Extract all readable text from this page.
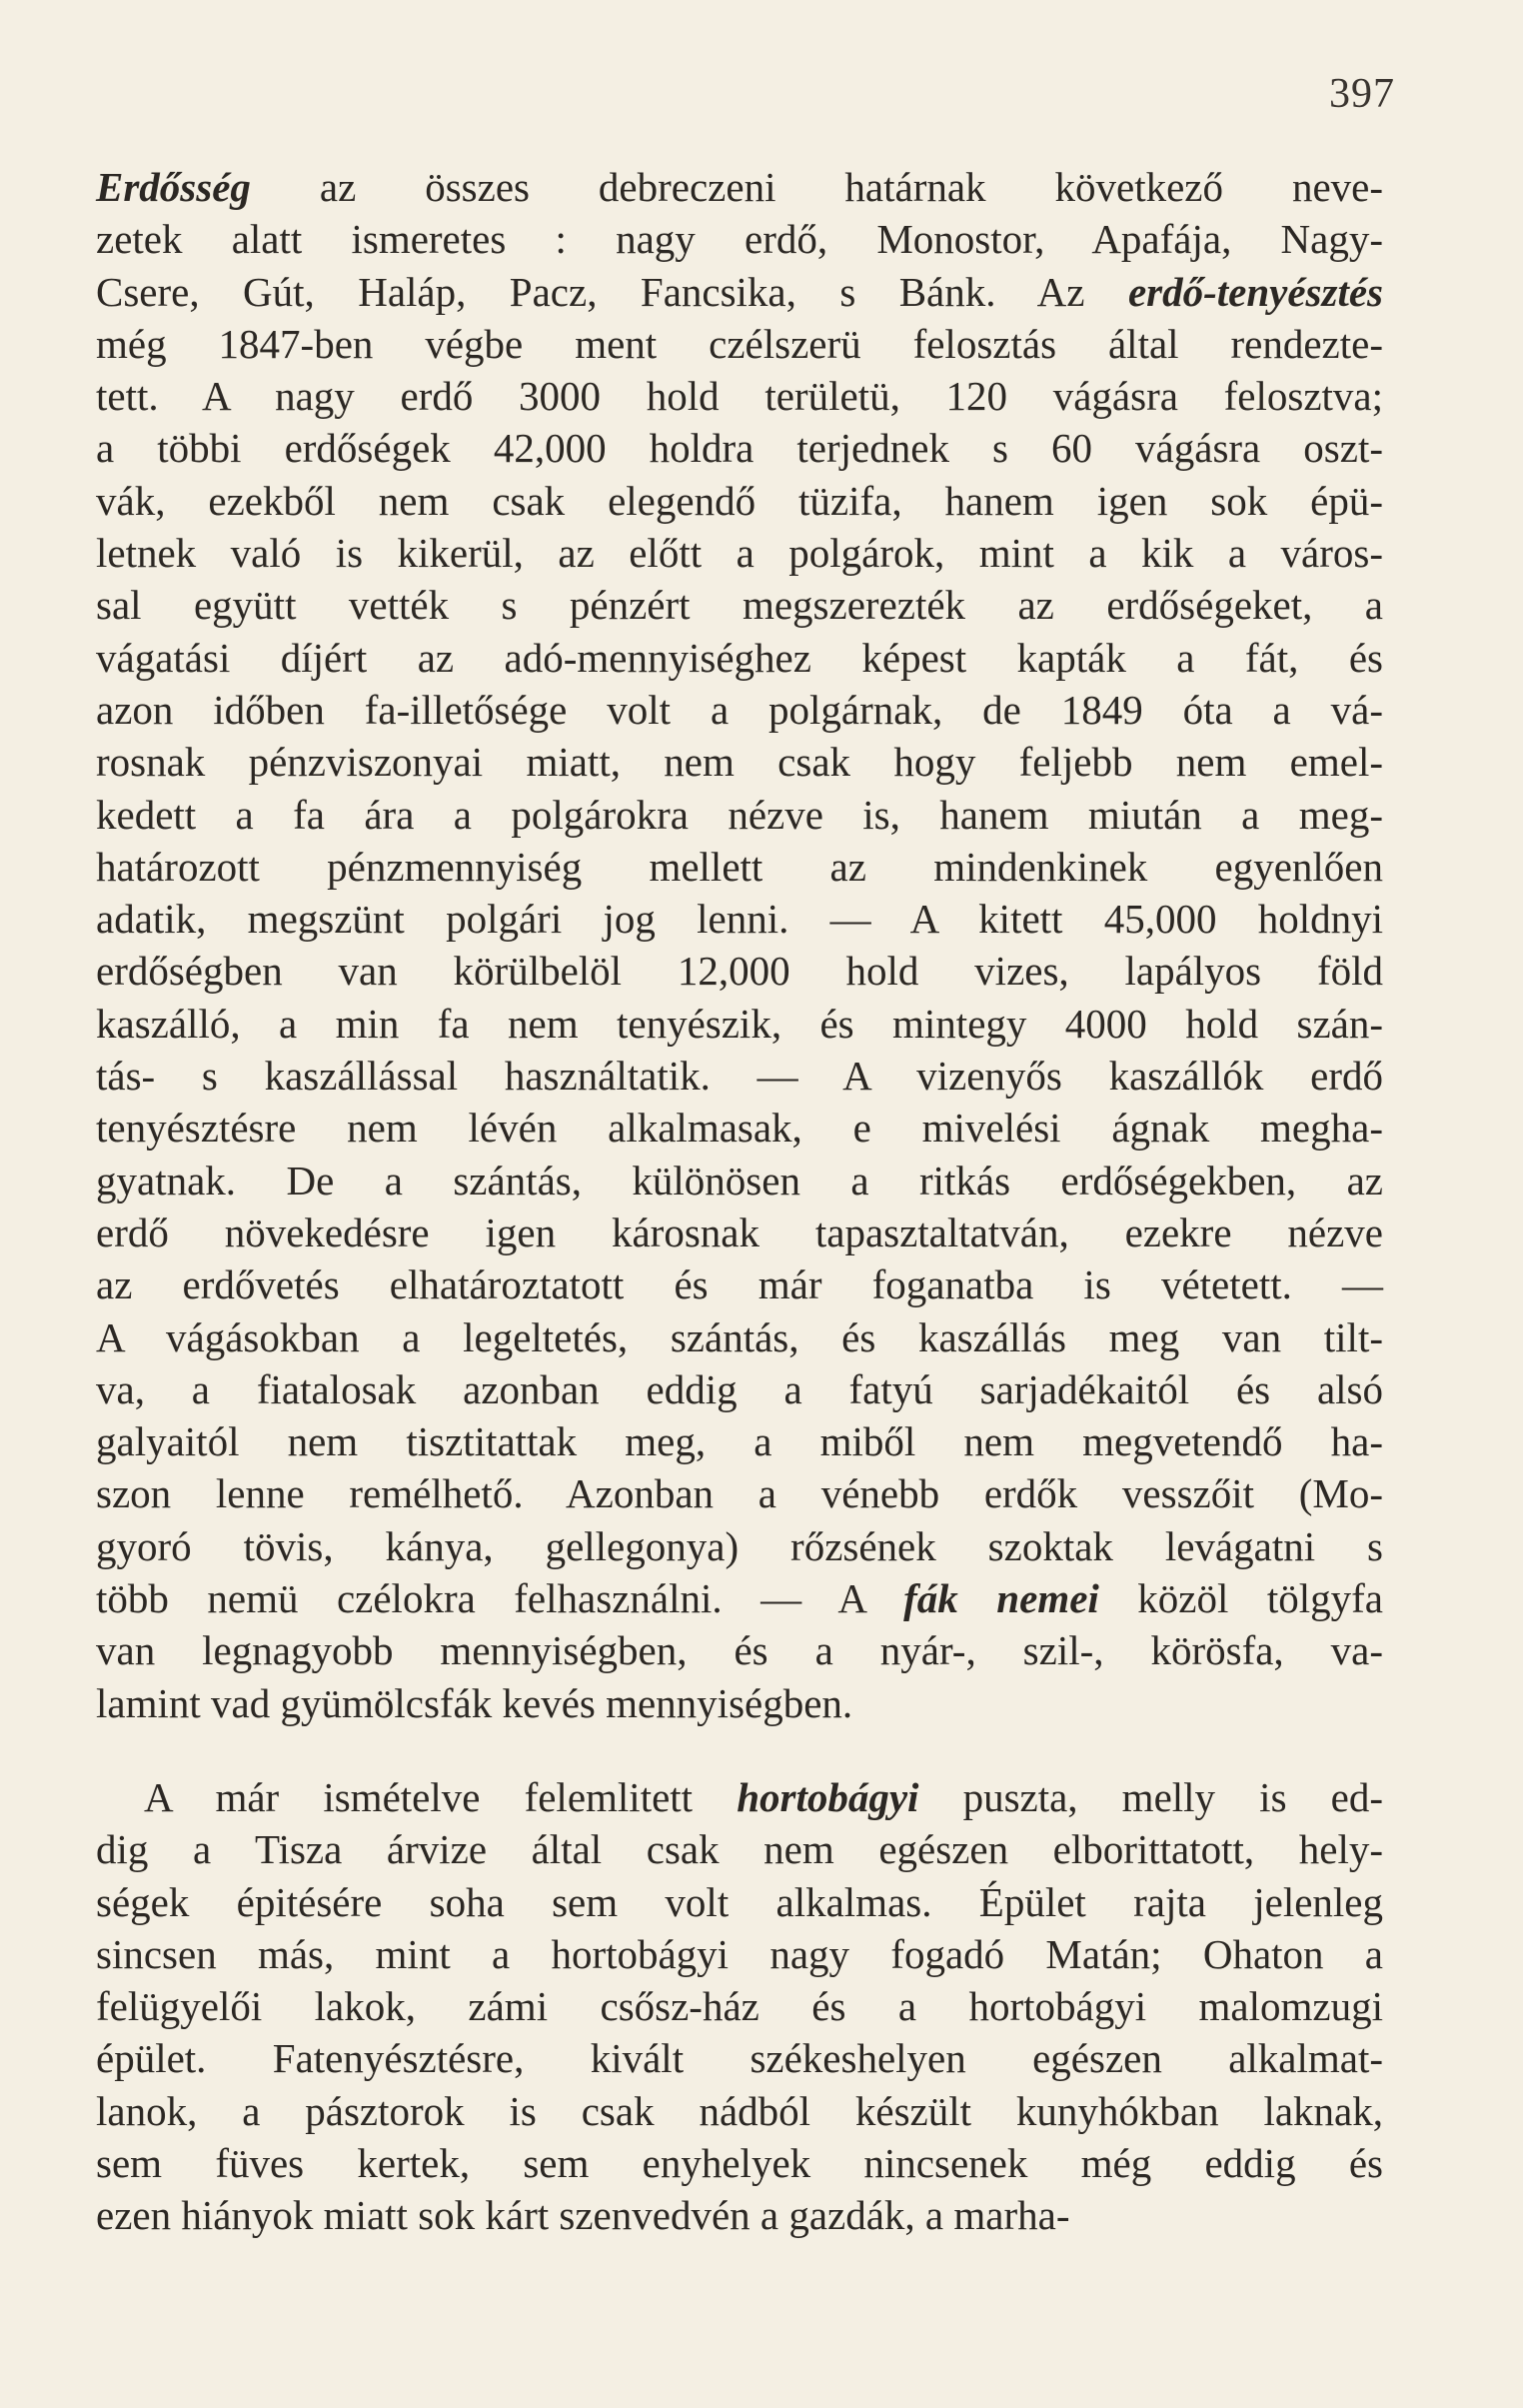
397
Erdősség az összes debreczeni határnak következő neve-
zetek alatt ismeretes : nagy erdő, Monostor, Apafája, Nagy-
Csere, Gút, Haláp, Pacz, Fancsika, s Bánk. Az erdő-tenyésztés
még 1847-ben végbe ment czélszerü felosztás által rendezte-
tett. A nagy erdő 3000 hold területü, 120 vágásra felosztva;
a többi erdőségek 42,000 holdra terjednek s 60 vágásra oszt-
vák, ezekből nem csak elegendő tüzifa, hanem igen sok épü-
letnek való is kikerül, az előtt a polgárok, mint a kik a város-
sal együtt vették s pénzért megszerezték az erdőségeket, a
vágatási díjért az adó-mennyiséghez képest kapták a fát, és
azon időben fa-illetősége volt a polgárnak, de 1849 óta a vá-
rosnak pénzviszonyai miatt, nem csak hogy feljebb nem emel-
kedett a fa ára a polgárokra nézve is, hanem miután a meg-
határozott pénzmennyiség mellett az mindenkinek egyenlően
adatik, megszünt polgári jog lenni. — A kitett 45,000 holdnyi
erdőségben van körülbelöl 12,000 hold vizes, lapályos föld
kaszálló, a min fa nem tenyészik, és mintegy 4000 hold szán-
tás- s kaszállással használtatik. — A vizenyős kaszállók erdő
tenyésztésre nem lévén alkalmasak, e mivelési ágnak megha-
gyatnak. De a szántás, különösen a ritkás erdőségekben, az
erdő növekedésre igen károsnak tapasztaltatván, ezekre nézve
az erdővetés elhatároztatott és már foganatba is vétetett. —
A vágásokban a legeltetés, szántás, és kaszállás meg van tilt-
va, a fiatalosak azonban eddig a fatyú sarjadékaitól és alsó
galyaitól nem tisztitattak meg, a miből nem megvetendő ha-
szon lenne remélhető. Azonban a vénebb erdők vesszőit (Mo-
gyoró tövis, kánya, gellegonya) rőzsének szoktak levágatni s
több nemü czélokra felhasználni. — A fák nemei közöl tölgyfa
van legnagyobb mennyiségben, és a nyár-, szil-, körösfa, va-
lamint vad gyümölcsfák kevés mennyiségben.
A már ismételve felemlitett hortobágyi puszta, melly is ed-
dig a Tisza árvize által csak nem egészen elborittatott, hely-
ségek épitésére soha sem volt alkalmas. Épület rajta jelenleg
sincsen más, mint a hortobágyi nagy fogadó Matán; Ohaton a
felügyelői lakok, zámi csősz-ház és a hortobágyi malomzugi
épület. Fatenyésztésre, kivált székeshelyen egészen alkalmat-
lanok, a pásztorok is csak nádból készült kunyhókban laknak,
sem füves kertek, sem enyhelyek nincsenek még eddig és
ezen hiányok miatt sok kárt szenvedvén a gazdák, a marha-
